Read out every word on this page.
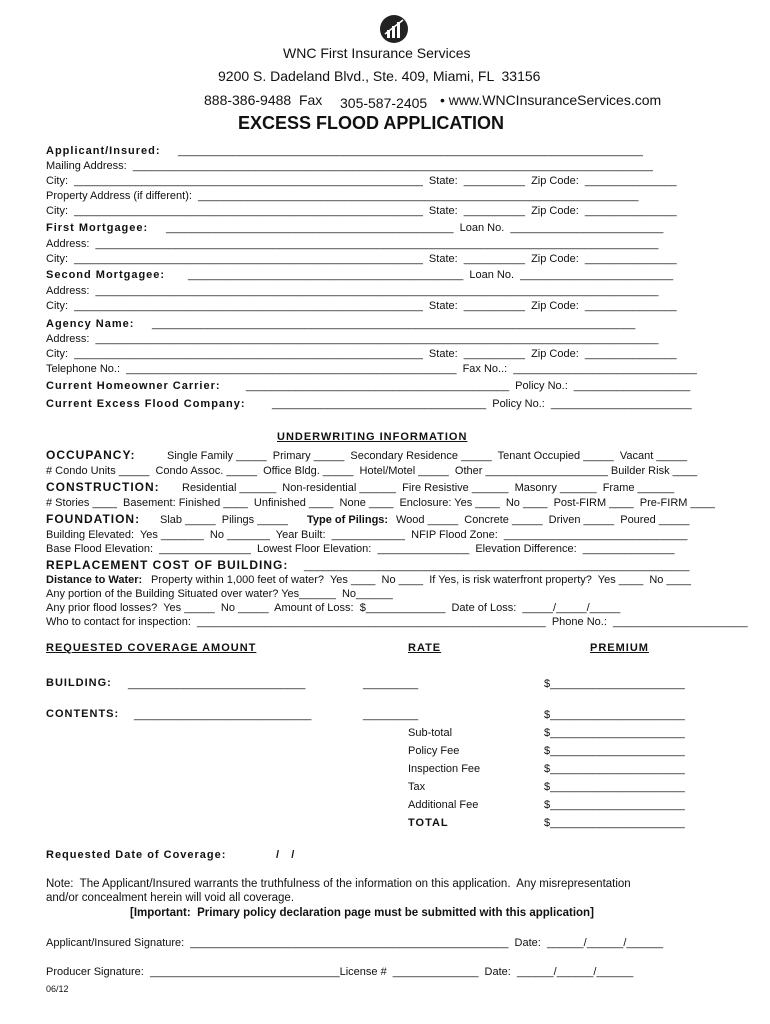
WNC First Insurance Services
9200 S. Dadeland Blvd., Ste. 409, Miami, FL  33156
888-386-9488  Fax 305-587-2405 • www.WNCInsuranceServices.com
EXCESS FLOOD APPLICATION
Applicant/Insured: ____________________________________________________________________________
Mailing Address:  _____________________________________________________________________________________
City:  _________________________________________________________  State:  __________  Zip Code:  _______________
Property Address (if different):  ________________________________________________________________________
City:  _________________________________________________________  State:  __________  Zip Code:  _______________
First Mortgagee: _______________________________________________  Loan No.  _________________________
Address:  ____________________________________________________________________________________________
City:  _________________________________________________________  State:  __________  Zip Code:  _______________
Second Mortgagee: _____________________________________________  Loan No.  _________________________
Address:  ____________________________________________________________________________________________
City:  _________________________________________________________  State:  __________  Zip Code:  _______________
Agency Name: _______________________________________________________________________________
Address:  ____________________________________________________________________________________________
City:  _________________________________________________________  State:  __________  Zip Code:  _______________
Telephone No.:  ______________________________________________________  Fax No..:  ______________________________
Current Homeowner Carrier: ___________________________________________  Policy No.:  ___________________
Current Excess Flood Company: ___________________________________  Policy No.:  _______________________
UNDERWRITING INFORMATION
OCCUPANCY:	Single Family _____  Primary _____  Secondary Residence _____  Tenant Occupied _____  Vacant _____
# Condo Units _____  Condo Assoc. _____  Office Bldg. _____  Hotel/Motel _____  Other ____________________ Builder Risk ____
CONSTRUCTION: Residential ______  Non-residential ______  Fire Resistive ______  Masonry ______  Frame ______
# Stories ____  Basement: Finished ____  Unfinished ____  None ____  Enclosure: Yes ____  No ____  Post-FIRM ____  Pre-FIRM ____
FOUNDATION: Slab _____  Pilings _____ Type of Pilings: Wood _____  Concrete _____  Driven _____  Poured _____
Building Elevated:  Yes _______  No _______  Year Built:  ____________  NFIP Flood Zone:  ______________________________
Base Flood Elevation:  _______________  Lowest Floor Elevation:  _______________  Elevation Difference:  _______________
REPLACEMENT COST OF BUILDING: _______________________________________________________________
Distance to Water: Property within 1,000 feet of water?  Yes ____  No ____  If Yes, is risk waterfront property?  Yes ____  No ____
Any portion of the Building Situated over water? Yes______  No______
Any prior flood losses?  Yes _____  No _____  Amount of Loss:  $_____________  Date of Loss:  _____/_____/_____
Who to contact for inspection:  _________________________________________________________  Phone No.:  ______________________
REQUESTED COVERAGE AMOUNT	RATE	PREMIUM
BUILDING: _____________________________	_________	$______________________
CONTENTS: _____________________________	_________	$______________________
Sub-total	$______________________
Policy Fee	$______________________
Inspection Fee	$______________________
Tax	$______________________
Additional Fee	$______________________
TOTAL	$______________________
Requested Date of Coverage:	/    /
Note:  The Applicant/Insured warrants the truthfulness of the information on this application.  Any misrepresentation
and/or concealment herein will void all coverage.
[Important:  Primary policy declaration page must be submitted with this application]
Applicant/Insured Signature:  ____________________________________________________  Date:  ______/______/______
Producer Signature:  _______________________________License #  ______________  Date:  ______/______/______
06/12
